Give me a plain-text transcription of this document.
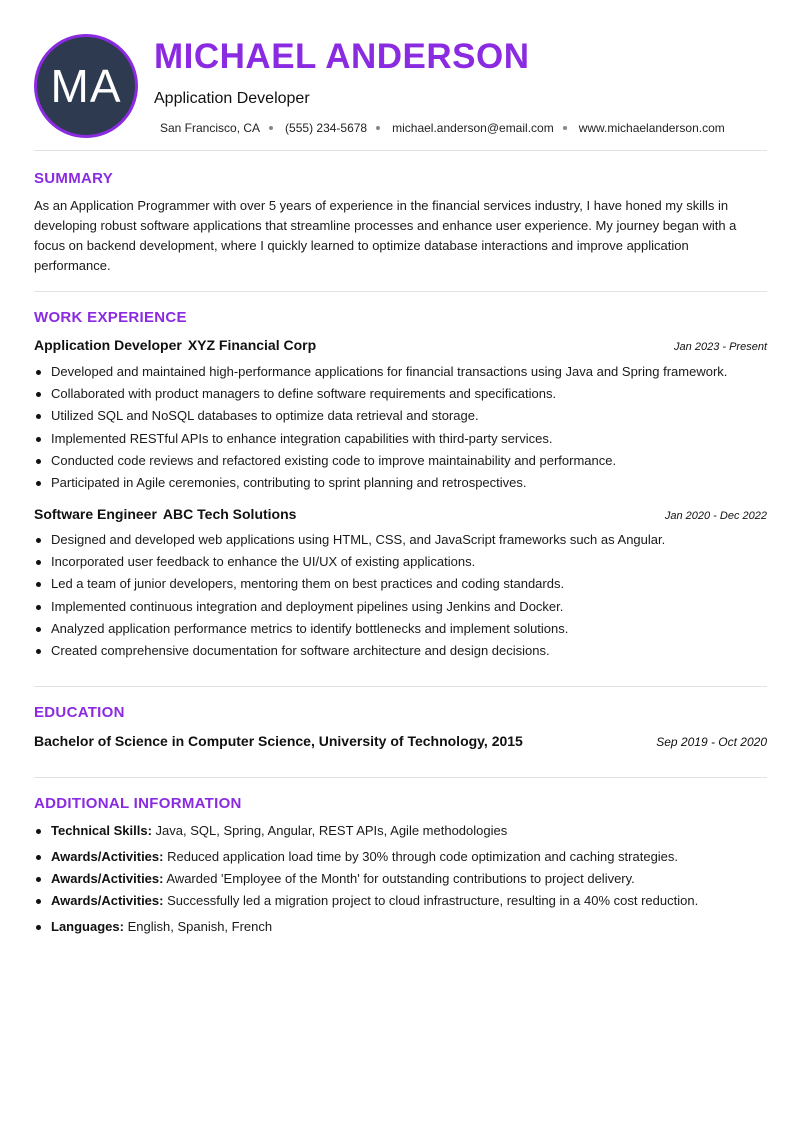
MA
MICHAEL ANDERSON
Application Developer
San Francisco, CA (555) 234-5678 michael.anderson@email.com www.michaelanderson.com
SUMMARY

As an Application Programmer with over 5 years of experience in the financial services industry, I have honed my skills in developing robust software applications that streamline processes and enhance user experience. My journey began with a focus on backend development, where I quickly learned to optimize database interactions and improve application performance.

WORK EXPERIENCE
Application Developer XYZ Financial Corp	Jan 2023 - Present
Developed and maintained high-performance applications for financial transactions using Java and Spring framework.
Collaborated with product managers to define software requirements and specifications.
Utilized SQL and NoSQL databases to optimize data retrieval and storage.
Implemented RESTful APIs to enhance integration capabilities with third-party services.
Conducted code reviews and refactored existing code to improve maintainability and performance.
Participated in Agile ceremonies, contributing to sprint planning and retrospectives.
Software Engineer ABC Tech Solutions	Jan 2020 - Dec 2022
Designed and developed web applications using HTML, CSS, and JavaScript frameworks such as Angular.
Incorporated user feedback to enhance the UI/UX of existing applications.
Led a team of junior developers, mentoring them on best practices and coding standards.
Implemented continuous integration and deployment pipelines using Jenkins and Docker.
Analyzed application performance metrics to identify bottlenecks and implement solutions.
Created comprehensive documentation for software architecture and design decisions.
EDUCATION
Bachelor of Science in Computer Science, University of Technology, 2015	Sep 2019 - Oct 2020
ADDITIONAL INFORMATION
Technical Skills: Java, SQL, Spring, Angular, REST APIs, Agile methodologies
Awards/Activities: Reduced application load time by 30% through code optimization and caching strategies.
Awards/Activities: Awarded 'Employee of the Month' for outstanding contributions to project delivery.
Awards/Activities: Successfully led a migration project to cloud infrastructure, resulting in a 40% cost reduction.
Languages: English, Spanish, French
